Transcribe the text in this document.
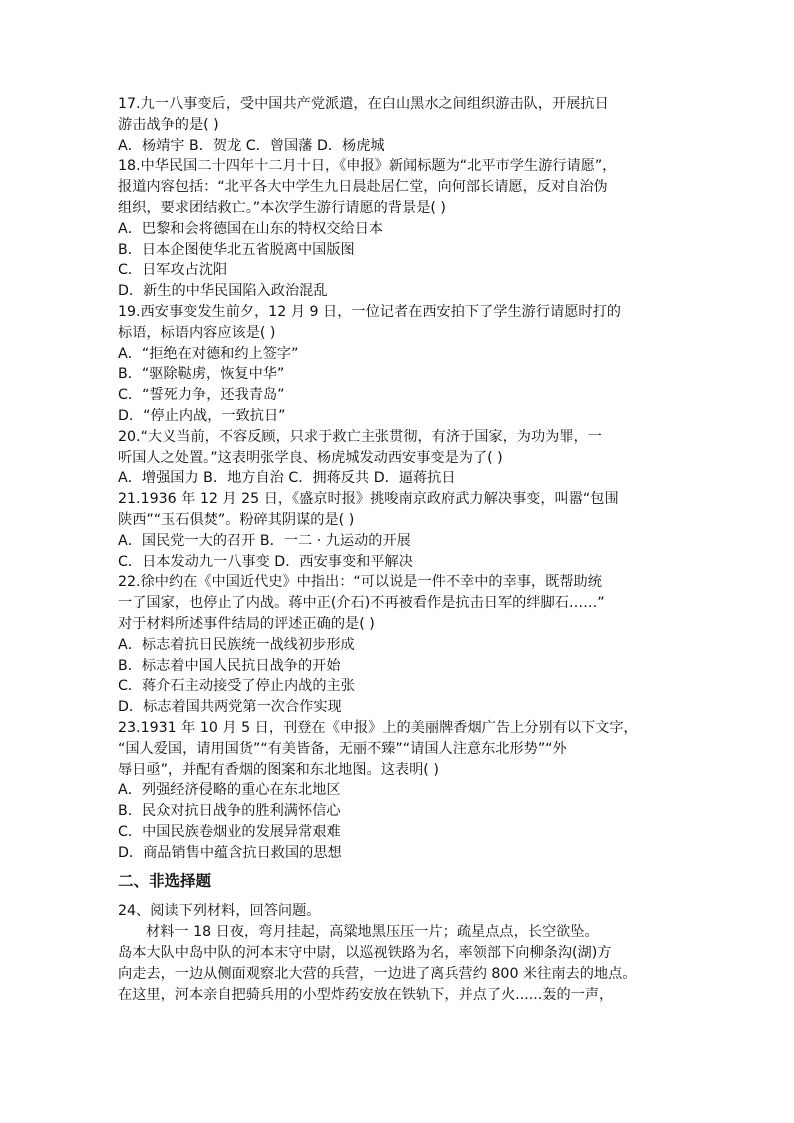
17.九一八事变后，受中国共产党派遣，在白山黑水之间组织游击队，开展抗日
游击战争的是( )
A．杨靖宇 B．贺龙 C．曾国藩 D．杨虎城
18.中华民国二十四年十二月十日，《申报》新闻标题为“北平市学生游行请愿”，
报道内容包括：“北平各大中学生九日晨赴居仁堂，向何部长请愿，反对自治伪
组织，要求团结救亡。”本次学生游行请愿的背景是( )
A．巴黎和会将德国在山东的特权交给日本
B．日本企图使华北五省脱离中国版图
C．日军攻占沈阳
D．新生的中华民国陷入政治混乱
19.西安事变发生前夕，12 月 9 日，一位记者在西安拍下了学生游行请愿时打的
标语，标语内容应该是( )
A．“拒绝在对德和约上签字”
B．“驱除鞑虏，恢复中华”
C．“誓死力争，还我青岛”
D．“停止内战，一致抗日”
20.“大义当前，不容反顾，只求于救亡主张贯彻，有济于国家，为功为罪，一
听国人之处置。”这表明张学良、杨虎城发动西安事变是为了( )
A．增强国力 B．地方自治 C．拥蒋反共 D．逼蒋抗日
21.1936 年 12 月 25 日，《盛京时报》挑唆南京政府武力解决事变，叫嚣“包围
陕西”“玉石俱焚”。粉碎其阴谋的是( )
A．国民党一大的召开 B．一二 · 九运动的开展
C．日本发动九一八事变 D．西安事变和平解决
22.徐中约在《中国近代史》中指出：“可以说是一件不幸中的幸事，既帮助统
一了国家，也停止了内战。蒋中正(介石)不再被看作是抗击日军的绊脚石……”
对于材料所述事件结局的评述正确的是( )
A．标志着抗日民族统一战线初步形成
B．标志着中国人民抗日战争的开始
C．蒋介石主动接受了停止内战的主张
D．标志着国共两党第一次合作实现
23.1931 年 10 月 5 日，刊登在《申报》上的美丽牌香烟广告上分别有以下文字，
“国人爱国，请用国货”“有美皆备，无丽不臻”“请国人注意东北形势”“外
辱日亟”，并配有香烟的图案和东北地图。这表明( )
A．列强经济侵略的重心在东北地区
B．民众对抗日战争的胜利满怀信心
C．中国民族卷烟业的发展异常艰难
D．商品销售中蕴含抗日救国的思想
二、非选择题
24、阅读下列材料，回答问题。
材料一 18 日夜，弯月挂起，高粱地黑压压一片；疏星点点，长空欲坠。
岛本大队中岛中队的河本末守中尉，以巡视铁路为名，率领部下向柳条沟(湖)方
向走去，一边从侧面观察北大营的兵营，一边进了离兵营约 800 米往南去的地点。
在这里，河本亲自把骑兵用的小型炸药安放在铁轨下，并点了火......轰的一声，
